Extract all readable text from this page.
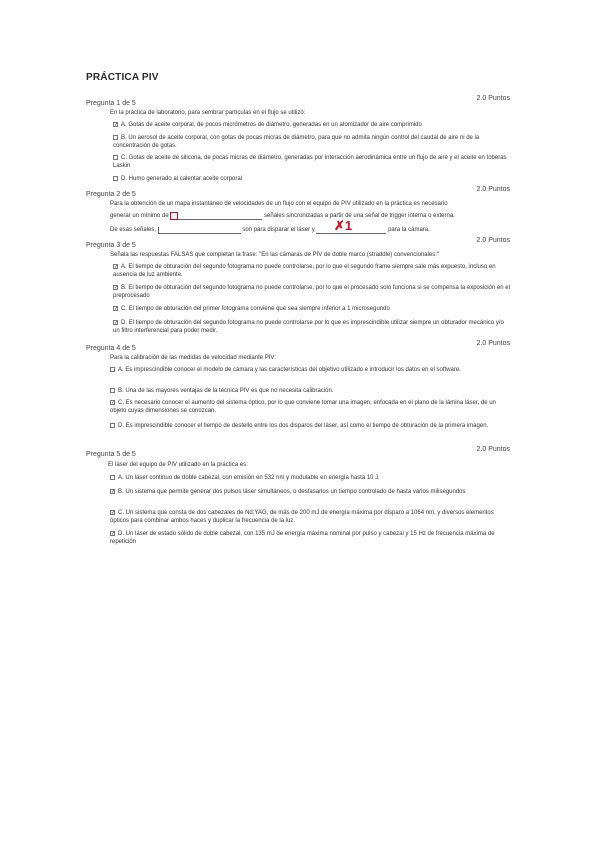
PRÁCTICA PIV
Pregunta 1 de 5
2.0 Puntos
En la práctica de laboratorio, para sembrar partículas en el flujo se utilizó:
✓A. Gotas de aceite corporal, de pocos micrómetros de diámetro, generadas en un atomizador de aire comprimido
B. Un aerosol de aceite corporal, con gotas de pocas micras de diámetro, para que no admita ningún control del caudal de aire ni de la concentración de gotas.
C. Gotas de aceite de silicona, de pocas micras de diámetro, generadas por interacción aerodinámica entre un flujo de aire y el aceite en toberas Laskin
D. Humo generado al calentar aceite corporal
Pregunta 2 de 5
2.0 Puntos
Para la obtención de un mapa instantáneo de velocidades de un flujo con el equipo de PIV utilizado en la práctica es necesario
generar un mínimo de	señales sincronizadas a partir de una señal de trigger interna o externa.
De esas señales,	son para disparar el láser y	para la cámara.
✗1
Pregunta 3 de 5
2.0 Puntos
Señala las respuestas FALSAS que completan la frase: "En las cámaras de PIV de doble marco (straddle) convencionales:"
✓A. El tiempo de obturación del segundo fotograma no puede controlarse, por lo que el segundo frame siempre sale más expuesto, incluso en ausencia de luz ambiente.
✓B. El tiempo de obturación del segundo fotograma no puede controlarse, por lo que el procesado solo funciona si se compensa la exposición en el preprocesado
✓C. El tiempo de obturación del primer fotograma conviene que sea siempre inferior a 1 microsegundo
✓D. El tiempo de obturación del segundo fotograma no puede controlarse por lo que es imprescindible utilizar siempre un obturador mecánico y/o un filtro interferencial para poder medir.
Pregunta 4 de 5
2.0 Puntos
Para la calibración de las medidas de velocidad mediante PIV:
A. Es imprescindible conocer el modelo de cámara y las características del objetivo utilizado e introducir los datos en el software.
B. Una de las mayores ventajas de la técnica PIV es que no necesita calibración.
✓C. Es necesario conocer el aumento del sistema óptico, por lo que conviene tomar una imagen, enfocada en el plano de la lámina láser, de un objeto cuyas dimensiones se conozcan.
D. Es imprescindible conocer el tiempo de destello entre los dos disparos del láser, así como el tiempo de obturación de la primera imagen.
Pregunta 5 de 5
2.0 Puntos
El láser del equipo de PIV utilizado en la práctica es:
A. Un láser continuo de doble cabezal, con emisión en 532 nm y modulable en energía hasta 10 J.
✓B. Un sistema que permite generar dos pulsos láser simultáneos, o desfasarlos un tiempo controlado de hasta varios milisegundos
✓C. Un sistema que consta de dos cabezales de Nd:YAG, de más de 200 mJ de energía máxima por disparo a 1064 nm, y diversos elementos ópticos para combinar ambos haces y duplicar la frecuencia de la luz.
✓D. Un láser de estado sólido de doble cabezal, con 135 mJ de energía máxima nominal por pulso y cabezal y 15 Hz de frecuencia máxima de repetición
